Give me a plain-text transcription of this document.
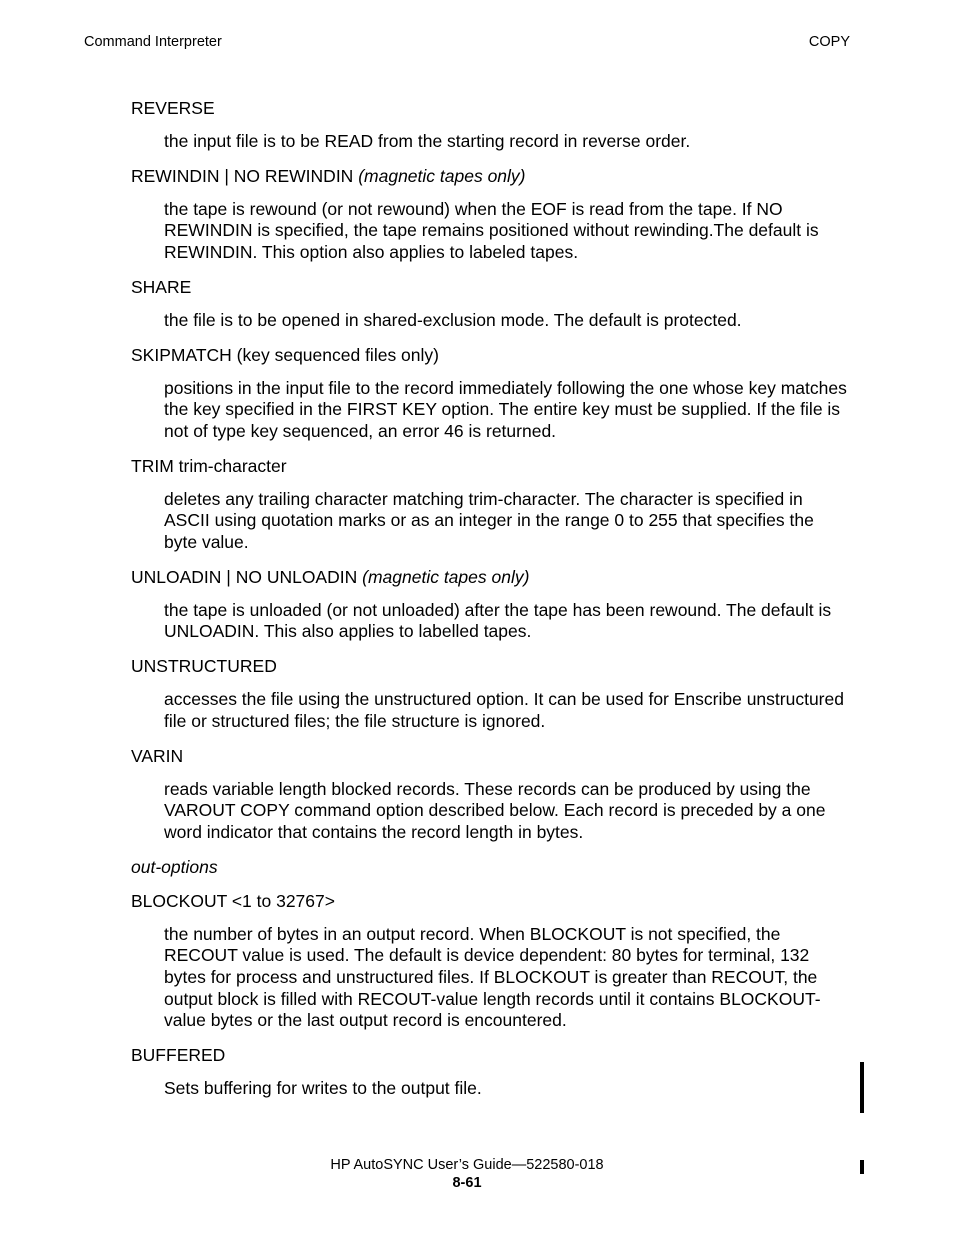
Command Interpreter	COPY
REVERSE
the input file is to be READ from the starting record in reverse order.
REWINDIN | NO REWINDIN (magnetic tapes only)
the tape is rewound (or not rewound) when the EOF is read from the tape. If NO REWINDIN is specified, the tape remains positioned without rewinding.The default is REWINDIN. This option also applies to labeled tapes.
SHARE
the file is to be opened in shared-exclusion mode. The default is protected.
SKIPMATCH (key sequenced files only)
positions in the input file to the record immediately following the one whose key matches the key specified in the FIRST KEY option. The entire key must be supplied. If the file is not of type key sequenced, an error 46 is returned.
TRIM trim-character
deletes any trailing character matching trim-character. The character is specified in ASCII using quotation marks or as an integer in the range 0 to 255 that specifies the byte value.
UNLOADIN | NO UNLOADIN (magnetic tapes only)
the tape is unloaded (or not unloaded) after the tape has been rewound. The default is UNLOADIN. This also applies to labelled tapes.
UNSTRUCTURED
accesses the file using the unstructured option. It can be used for Enscribe unstructured file or structured files; the file structure is ignored.
VARIN
reads variable length blocked records. These records can be produced by using the VAROUT COPY command option described below. Each record is preceded by a one word indicator that contains the record length in bytes.
out-options
BLOCKOUT <1 to 32767>
the number of bytes in an output record. When BLOCKOUT is not specified, the RECOUT value is used. The default is device dependent: 80 bytes for terminal, 132 bytes for process and unstructured files. If BLOCKOUT is greater than RECOUT, the output block is filled with RECOUT-value length records until it contains BLOCKOUT-value bytes or the last output record is encountered.
BUFFERED
Sets buffering for writes to the output file.
HP AutoSYNC User’s Guide—522580-018
8-61
